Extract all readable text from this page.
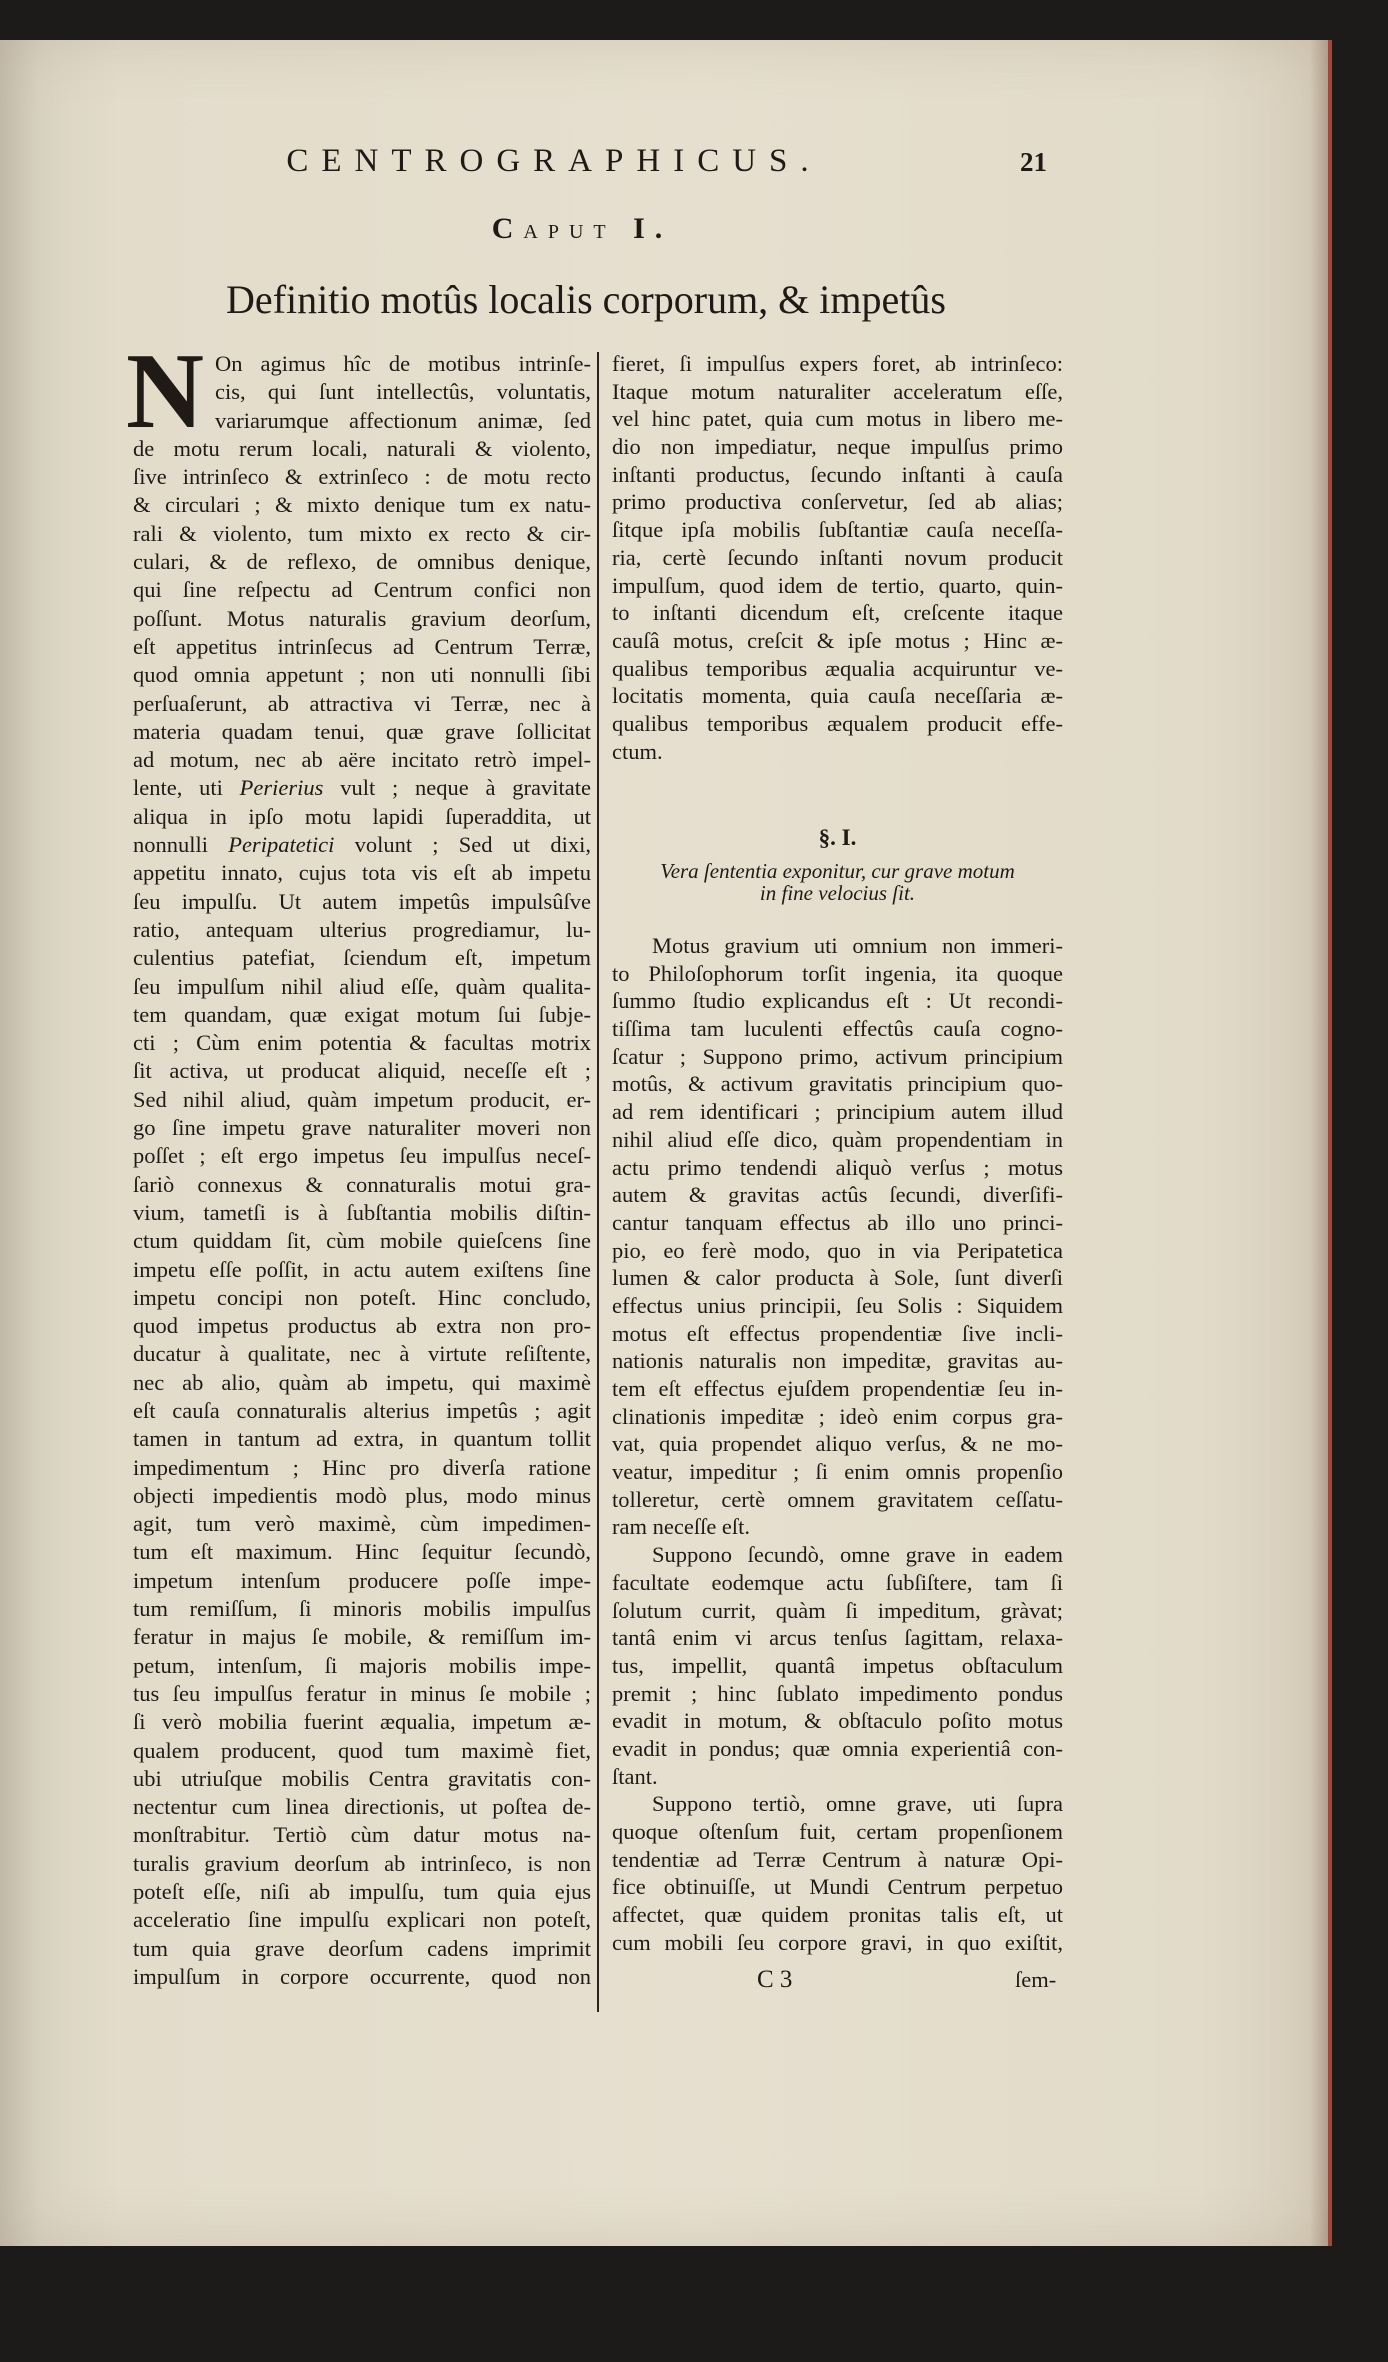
CENTROGRAPHICUS.	21
CAPUT I.
Definitio motûs localis corporum, & impetûs
N On agimus hîc de motibus intrinſe-
cis, qui ſunt intellectûs, voluntatis,
variarumque affectionum animæ, ſed
de motu rerum locali, naturali & violento,
ſive intrinſeco & extrinſeco : de motu recto
& circulari ; & mixto denique tum ex natu-
rali & violento, tum mixto ex recto & cir-
culari, & de reflexo, de omnibus denique,
qui ſine reſpectu ad Centrum confici non
poſſunt. Motus naturalis gravium deorſum,
eſt appetitus intrinſecus ad Centrum Terræ,
quod omnia appetunt ; non uti nonnulli ſibi
perſuaſerunt, ab attractiva vi Terræ, nec à
materia quadam tenui, quæ grave ſollicitat
ad motum, nec ab aëre incitato retrò impel-
lente, uti Perierius vult ; neque à gravitate
aliqua in ipſo motu lapidi ſuperaddita, ut
nonnulli Peripatetici volunt ; Sed ut dixi,
appetitu innato, cujus tota vis eſt ab impetu
ſeu impulſu. Ut autem impetûs impulsûſve
ratio, antequam ulterius progrediamur, lu-
culentius patefiat, ſciendum eſt, impetum
ſeu impulſum nihil aliud eſſe, quàm qualita-
tem quandam, quæ exigat motum ſui ſubje-
cti ; Cùm enim potentia & facultas motrix
ſit activa, ut producat aliquid, neceſſe eſt ;
Sed nihil aliud, quàm impetum producit, er-
go ſine impetu grave naturaliter moveri non
poſſet ; eſt ergo impetus ſeu impulſus neceſ-
ſariò connexus & connaturalis motui gra-
vium, tametſi is à ſubſtantia mobilis diſtin-
ctum quiddam ſit, cùm mobile quieſcens ſine
impetu eſſe poſſit, in actu autem exiſtens ſine
impetu concipi non poteſt. Hinc concludo,
quod impetus productus ab extra non pro-
ducatur à qualitate, nec à virtute reſiſtente,
nec ab alio, quàm ab impetu, qui maximè
eſt cauſa connaturalis alterius impetûs ; agit
tamen in tantum ad extra, in quantum tollit
impedimentum ; Hinc pro diverſa ratione
objecti impedientis modò plus, modo minus
agit, tum verò maximè, cùm impedimen-
tum eſt maximum. Hinc ſequitur ſecundò,
impetum intenſum producere poſſe impe-
tum remiſſum, ſi minoris mobilis impulſus
feratur in majus ſe mobile, & remiſſum im-
petum, intenſum, ſi majoris mobilis impe-
tus ſeu impulſus feratur in minus ſe mobile ;
ſi verò mobilia fuerint æqualia, impetum æ-
qualem producent, quod tum maximè fiet,
ubi utriuſque mobilis Centra gravitatis con-
nectentur cum linea directionis, ut poſtea de-
monſtrabitur. Tertiò cùm datur motus na-
turalis gravium deorſum ab intrinſeco, is non
poteſt eſſe, niſi ab impulſu, tum quia ejus
acceleratio ſine impulſu explicari non poteſt,
tum quia grave deorſum cadens imprimit
impulſum in corpore occurrente, quod non
fieret, ſi impulſus expers foret, ab intrinſeco:
Itaque motum naturaliter acceleratum eſſe,
vel hinc patet, quia cum motus in libero me-
dio non impediatur, neque impulſus primo
inſtanti productus, ſecundo inſtanti à cauſa
primo productiva conſervetur, ſed ab alias;
ſitque ipſa mobilis ſubſtantiæ cauſa neceſſa-
ria, certè ſecundo inſtanti novum producit
impulſum, quod idem de tertio, quarto, quin-
to inſtanti dicendum eſt, creſcente itaque
cauſâ motus, creſcit & ipſe motus ; Hinc æ-
qualibus temporibus æqualia acquiruntur ve-
locitatis momenta, quia cauſa neceſſaria æ-
qualibus temporibus æqualem producit effe-
ctum.
§. I.
Vera ſententia exponitur, cur grave motum
in fine velocius ſit.
Motus gravium uti omnium non immeri-
to Philoſophorum torſit ingenia, ita quoque
ſummo ſtudio explicandus eſt : Ut recondi-
tiſſima tam luculenti effectûs cauſa cogno-
ſcatur ; Suppono primo, activum principium
motûs, & activum gravitatis principium quo-
ad rem identificari ; principium autem illud
nihil aliud eſſe dico, quàm propendentiam in
actu primo tendendi aliquò verſus ; motus
autem & gravitas actûs ſecundi, diverſifi-
cantur tanquam effectus ab illo uno princi-
pio, eo ferè modo, quo in via Peripatetica
lumen & calor producta à Sole, ſunt diverſi
effectus unius principii, ſeu Solis : Siquidem
motus eſt effectus propendentiæ ſive incli-
nationis naturalis non impeditæ, gravitas au-
tem eſt effectus ejuſdem propendentiæ ſeu in-
clinationis impeditæ ; ideò enim corpus gra-
vat, quia propendet aliquo verſus, & ne mo-
veatur, impeditur ; ſi enim omnis propenſio
tolleretur, certè omnem gravitatem ceſſatu-
ram neceſſe eſt.
Suppono ſecundò, omne grave in eadem
facultate eodemque actu ſubſiſtere, tam ſi
ſolutum currit, quàm ſi impeditum, gràvat;
tantâ enim vi arcus tenſus ſagittam, relaxa-
tus, impellit, quantâ impetus obſtaculum
premit ; hinc ſublato impedimento pondus
evadit in motum, & obſtaculo poſito motus
evadit in pondus; quæ omnia experientiâ con-
ſtant.
Suppono tertiò, omne grave, uti ſupra
quoque oſtenſum fuit, certam propenſionem
tendentiæ ad Terræ Centrum à naturæ Opi-
fice obtinuiſſe, ut Mundi Centrum perpetuo
affectet, quæ quidem pronitas talis eſt, ut
cum mobili ſeu corpore gravi, in quo exiſtit,
C 3	ſem-
